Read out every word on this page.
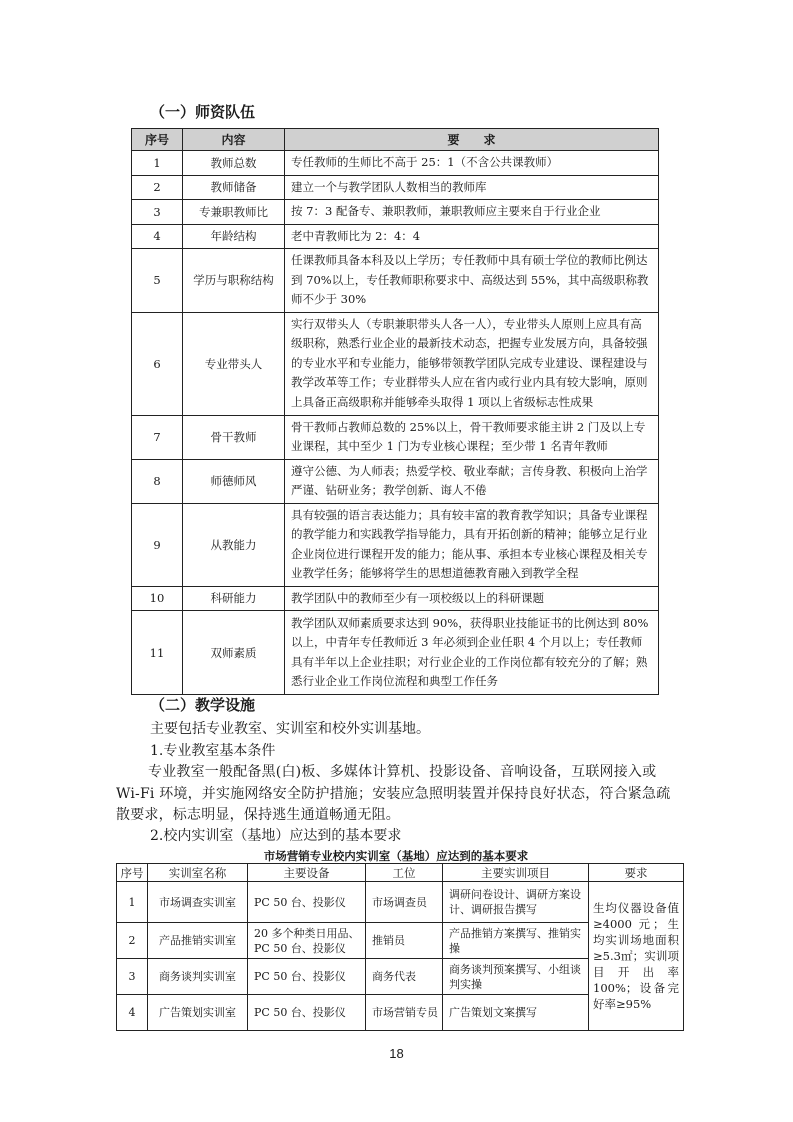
（一）师资队伍
序号	内容	要　　求
1	教师总数	专任教师的生师比不高于 25：1（不含公共课教师）
2	教师储备	建立一个与教学团队人数相当的教师库
3	专兼职教师比	按 7：3 配备专、兼职教师，兼职教师应主要来自于行业企业
4	年龄结构	老中青教师比为 2：4：4
5	学历与职称结构	任课教师具备本科及以上学历；专任教师中具有硕士学位的教师比例达到 70%以上，专任教师职称要求中、高级达到 55%，其中高级职称教师不少于 30%
6	专业带头人	实行双带头人（专职兼职带头人各一人），专业带头人原则上应具有高级职称，熟悉行业企业的最新技术动态，把握专业发展方向，具备较强的专业水平和专业能力，能够带领教学团队完成专业建设、课程建设与教学改革等工作；专业群带头人应在省内或行业内具有较大影响，原则上具备正高级职称并能够牵头取得 1 项以上省级标志性成果
7	骨干教师	骨干教师占教师总数的 25%以上，骨干教师要求能主讲 2 门及以上专业课程，其中至少 1 门为专业核心课程；至少带 1 名青年教师
8	师德师风	遵守公德、为人师表；热爱学校、敬业奉献；言传身教、积极向上治学严谨、钻研业务；教学创新、诲人不倦
9	从教能力	具有较强的语言表达能力；具有较丰富的教育教学知识；具备专业课程的教学能力和实践教学指导能力，具有开拓创新的精神；能够立足行业企业岗位进行课程开发的能力；能从事、承担本专业核心课程及相关专业教学任务；能够将学生的思想道德教育融入到教学全程
10	科研能力	教学团队中的教师至少有一项校级以上的科研课题
11	双师素质	教学团队双师素质要求达到 90%，获得职业技能证书的比例达到 80%以上，中青年专任教师近 3 年必须到企业任职 4 个月以上；专任教师具有半年以上企业挂职；对行业企业的工作岗位都有较充分的了解；熟悉行业企业工作岗位流程和典型工作任务
（二）教学设施

主要包括专业教室、实训室和校外实训基地。

1.专业教室基本条件

专业教室一般配备黑(白)板、多媒体计算机、投影设备、音响设备，互联网接入或 Wi-Fi 环境，并实施网络安全防护措施；安装应急照明装置并保持良好状态，符合紧急疏散要求，标志明显，保持逃生通道畅通无阻。

2.校内实训室（基地）应达到的基本要求

市场营销专业校内实训室（基地）应达到的基本要求

序号	实训室名称	主要设备	工位	主要实训项目	要求
1	市场调查实训室	PC 50 台、投影仪	市场调查员	调研问卷设计、调研方案设计、调研报告撰写	生均仪器设备值≥4000 元；生均实训场地面积≥5.3㎡；实训项目开出率 100%；设备完好率≥95%
2	产品推销实训室	20 多个种类日用品、PC 50 台、投影仪	推销员	产品推销方案撰写、推销实操	
3	商务谈判实训室	PC 50 台、投影仪	商务代表	商务谈判预案撰写、小组谈判实操	
4	广告策划实训室	PC 50 台、投影仪	市场营销专员	广告策划文案撰写	

18
